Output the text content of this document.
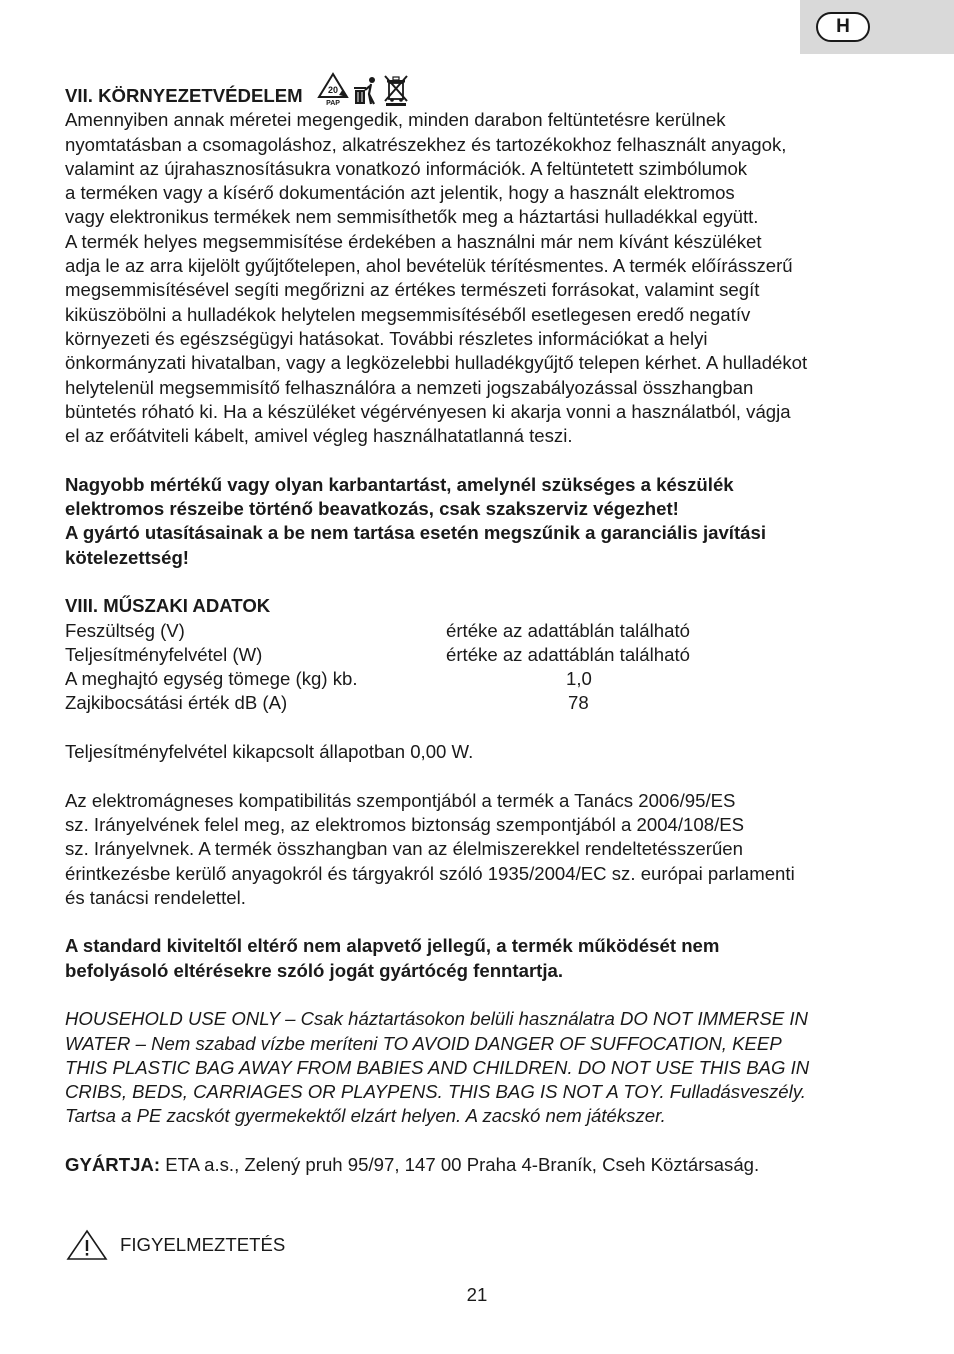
H
VII. KÖRNYEZETVÉDELEM	20
PAP

Amennyiben annak méretei megengedik, minden darabon feltüntetésre kerülnek
nyomtatásban a csomagoláshoz, alkatrészekhez és tartozékokhoz felhasznált anyagok,
valamint az újrahasznosításukra vonatkozó információk. A feltüntetett szimbólumok
a terméken vagy a kísérő dokumentáción azt jelentik, hogy a használt elektromos
vagy elektronikus termékek nem semmisíthetők meg a háztartási hulladékkal együtt.
A termék helyes megsemmisítése érdekében a használni már nem kívánt készüléket
adja le az arra kijelölt gyűjtőtelepen, ahol bevételük térítésmentes. A termék előírásszerű
megsemmisítésével segíti megőrizni az értékes természeti forrásokat, valamint segít
kiküszöbölni a hulladékok helytelen megsemmisítéséből esetlegesen eredő negatív
környezeti és egészségügyi hatásokat. További részletes információkat a helyi
önkormányzati hivatalban, vagy a legközelebbi hulladékgyűjtő telepen kérhet. A hulladékot
helytelenül megsemmisítő felhasználóra a nemzeti jogszabályozással összhangban
büntetés róható ki. Ha a készüléket végérvényesen ki akarja vonni a használatból, vágja
el az erőátviteli kábelt, amivel végleg használhatatlanná teszi.

Nagyobb mértékű vagy olyan karbantartást, amelynél szükséges a készülék
elektromos részeibe történő beavatkozás, csak szakszerviz végezhet!
A gyártó utasításainak a be nem tartása esetén megszűnik a garanciális javítási
kötelezettség!

VIII. MŰSZAKI ADATOK

Feszültség (V)	értéke az adattáblán található
Teljesítményfelvétel (W)	értéke az adattáblán található
A meghajtó egység tömege (kg) kb.	1,0
Zajkibocsátási érték dB (A)	78

Teljesítményfelvétel kikapcsolt állapotban 0,00 W.

Az elektromágneses kompatibilitás szempontjából a termék a Tanács 2006/95/ES
sz. Irányelvének felel meg, az elektromos biztonság szempontjából a 2004/108/ES
sz. Irányelvnek. A termék összhangban van az élelmiszerekkel rendeltetésszerűen
érintkezésbe kerülő anyagokról és tárgyakról szóló 1935/2004/EC sz. európai parlamenti
és tanácsi rendelettel.

A standard kiviteltől eltérő nem alapvető jellegű, a termék működését nem
befolyásoló eltérésekre szóló jogát gyártócég fenntartja.

HOUSEHOLD USE ONLY – Csak háztartásokon belüli használatra DO NOT IMMERSE IN
WATER – Nem szabad vízbe meríteni TO AVOID DANGER OF SUFFOCATION, KEEP
THIS PLASTIC BAG AWAY FROM BABIES AND CHILDREN. DO NOT USE THIS BAG IN
CRIBS, BEDS, CARRIAGES OR PLAYPENS. THIS BAG IS NOT A TOY. Fulladásveszély.
Tartsa a PE zacskót gyermekektől elzárt helyen. A zacskó nem játékszer.

GYÁRTJA: ETA a.s., Zelený pruh 95/97, 147 00 Praha 4-Braník, Cseh Köztársaság.

FIGYELMEZTETÉS
21
